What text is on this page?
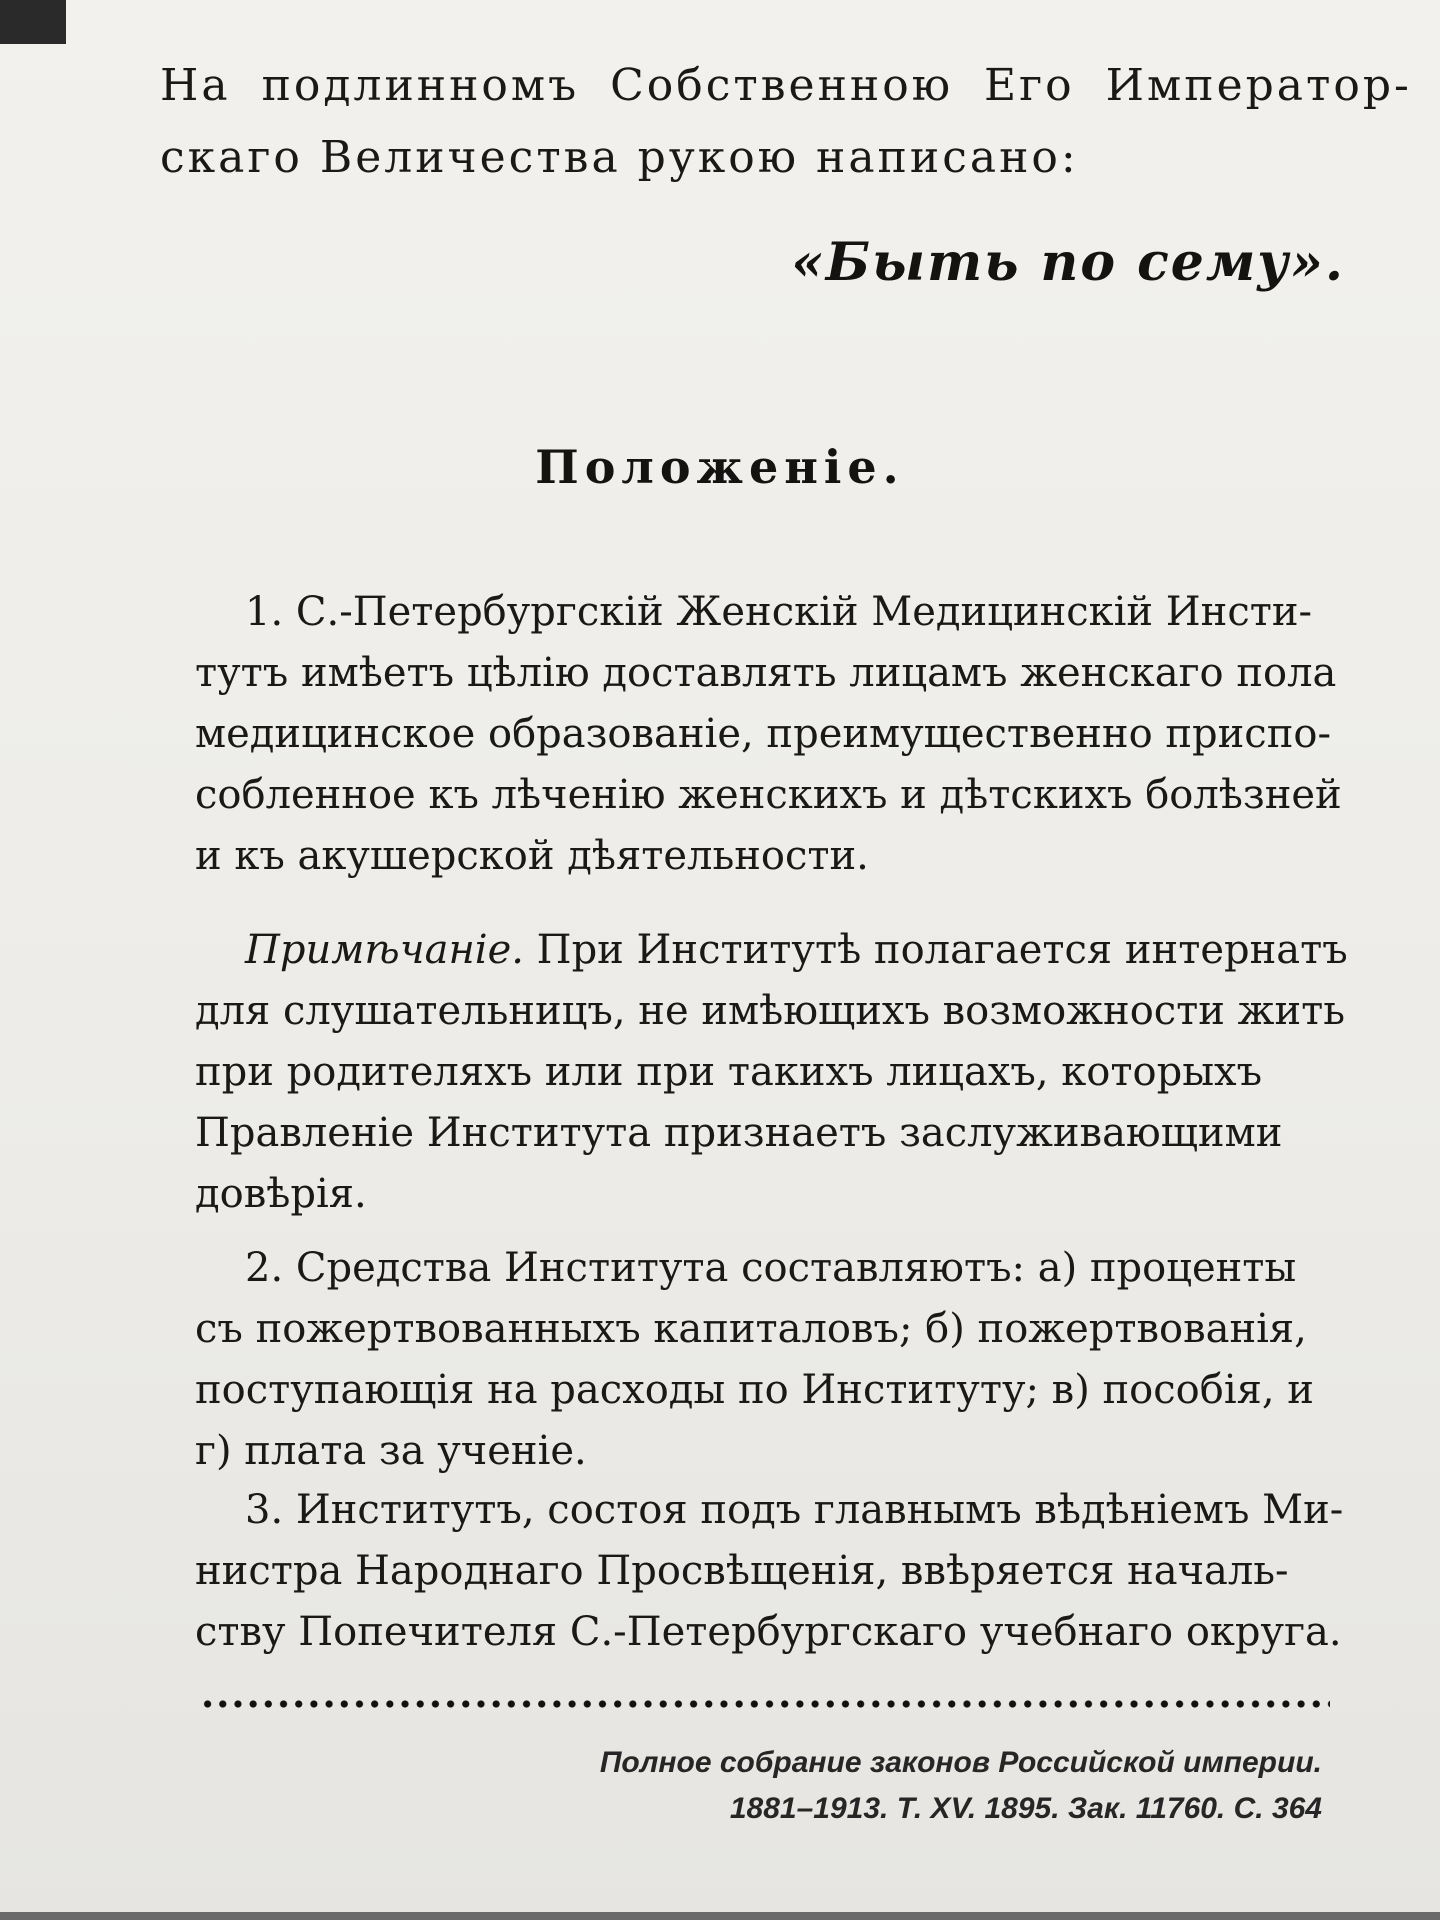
На подлинномъ Собственною Его Император-
скаго Величества рукою написано:
«Быть по сему».
Положеніе.
1. С.-Петербургскій Женскій Медицинскій Инсти-
тутъ имѣетъ цѣлію доставлять лицамъ женскаго пола
медицинское образованіе, преимущественно приспо-
собленное къ лѣченію женскихъ и дѣтскихъ болѣзней
и къ акушерской дѣятельности.
Примѣчаніе. При Институтѣ полагается интернатъ
для слушательницъ, не имѣющихъ возможности жить
при родителяхъ или при такихъ лицахъ, которыхъ
Правленіе Института признаетъ заслуживающими
довѣрія.
2. Средства Института составляютъ: а) проценты
съ пожертвованныхъ капиталовъ; б) пожертвованія,
поступающія на расходы по Институту; в) пособія, и
г) плата за ученіе.
3. Институтъ, состоя подъ главнымъ вѣдѣніемъ Ми-
нистра Народнаго Просвѣщенія, ввѣряется началь-
ству Попечителя С.-Петербургскаго учебнаго округа.
Полное собрание законов Российской империи.
1881–1913. Т. XV. 1895. Зак. 11760. С. 364
